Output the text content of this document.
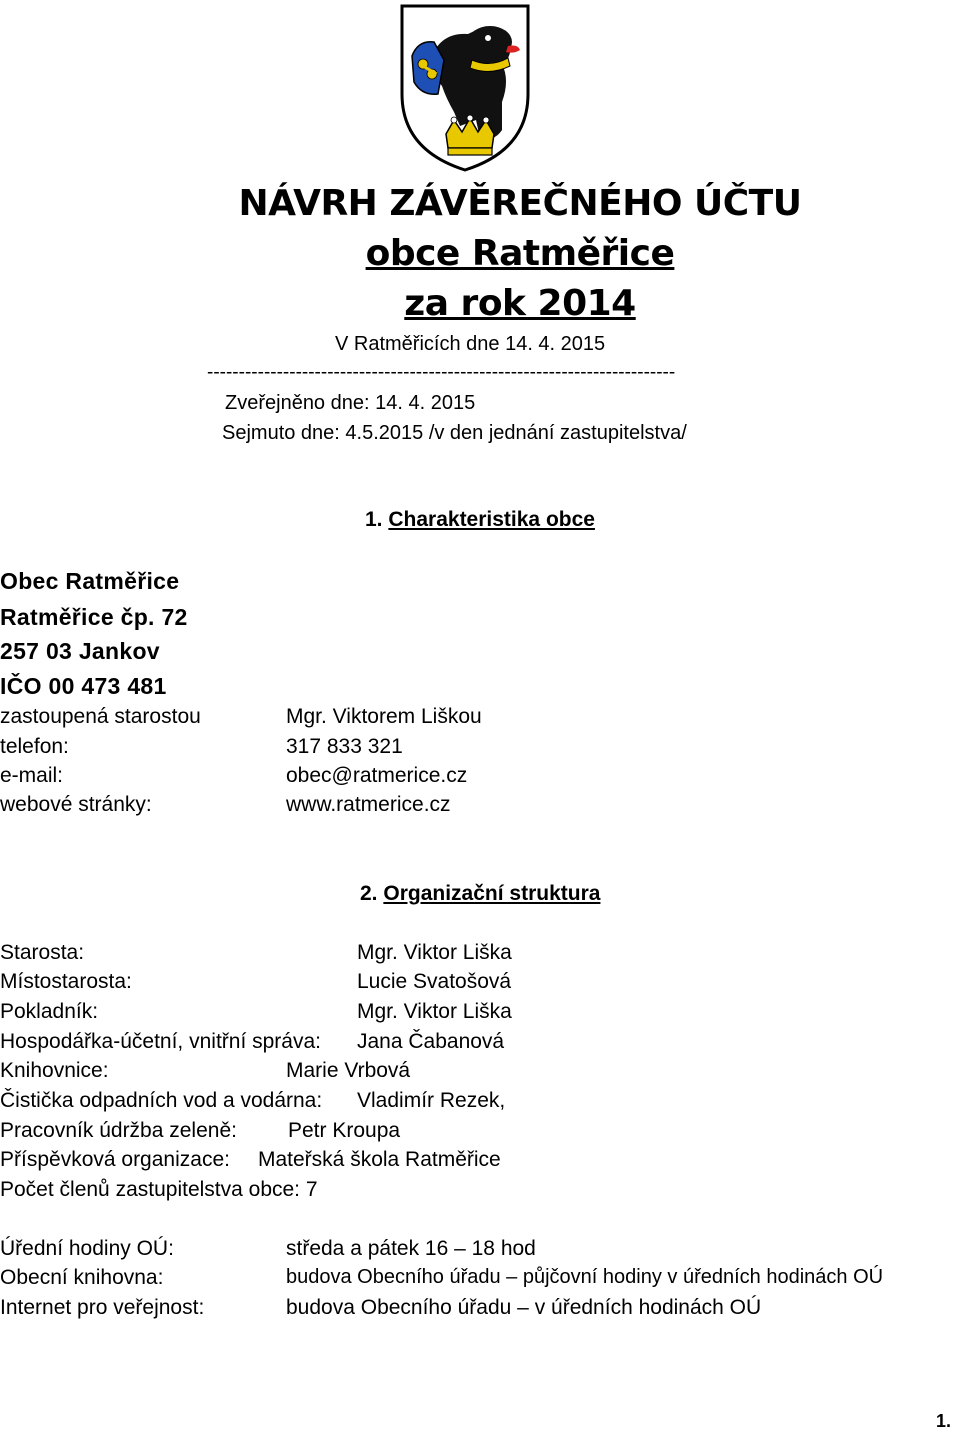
NÁVRH ZÁVĚREČNÉHO ÚČTU
obce Ratměřice
za rok 2014
V Ratměřicích dne 14. 4. 2015
--------------------------------------------------------------------------
Zveřejněno dne: 14. 4. 2015
Sejmuto dne: 4.5.2015 /v den jednání zastupitelstva/
1. Charakteristika obce
Obec Ratměřice
Ratměřice čp. 72
257 03 Jankov
IČO 00 473 481
zastoupená starostou	Mgr. Viktorem Liškou
telefon:	317 833 321
e-mail:	obec@ratmerice.cz
webové stránky:	www.ratmerice.cz
2. Organizační struktura
Starosta:	Mgr. Viktor Liška
Místostarosta:	Lucie Svatošová
Pokladník:	Mgr. Viktor Liška
Hospodářka-účetní, vnitřní správa: Jana Čabanová
Knihovnice:	Marie Vrbová
Čistička odpadních vod a vodárna: Vladimír Rezek,
Pracovník údržba zeleně: Petr Kroupa
Příspěvková organizace: Mateřská škola Ratměřice
Počet členů zastupitelstva obce: 7
Úřední hodiny OÚ:	středa a pátek 16 – 18 hod
Obecní knihovna:	budova Obecního úřadu – půjčovní hodiny v úředních hodinách OÚ
Internet pro veřejnost:	budova Obecního úřadu – v úředních hodinách OÚ
1.
